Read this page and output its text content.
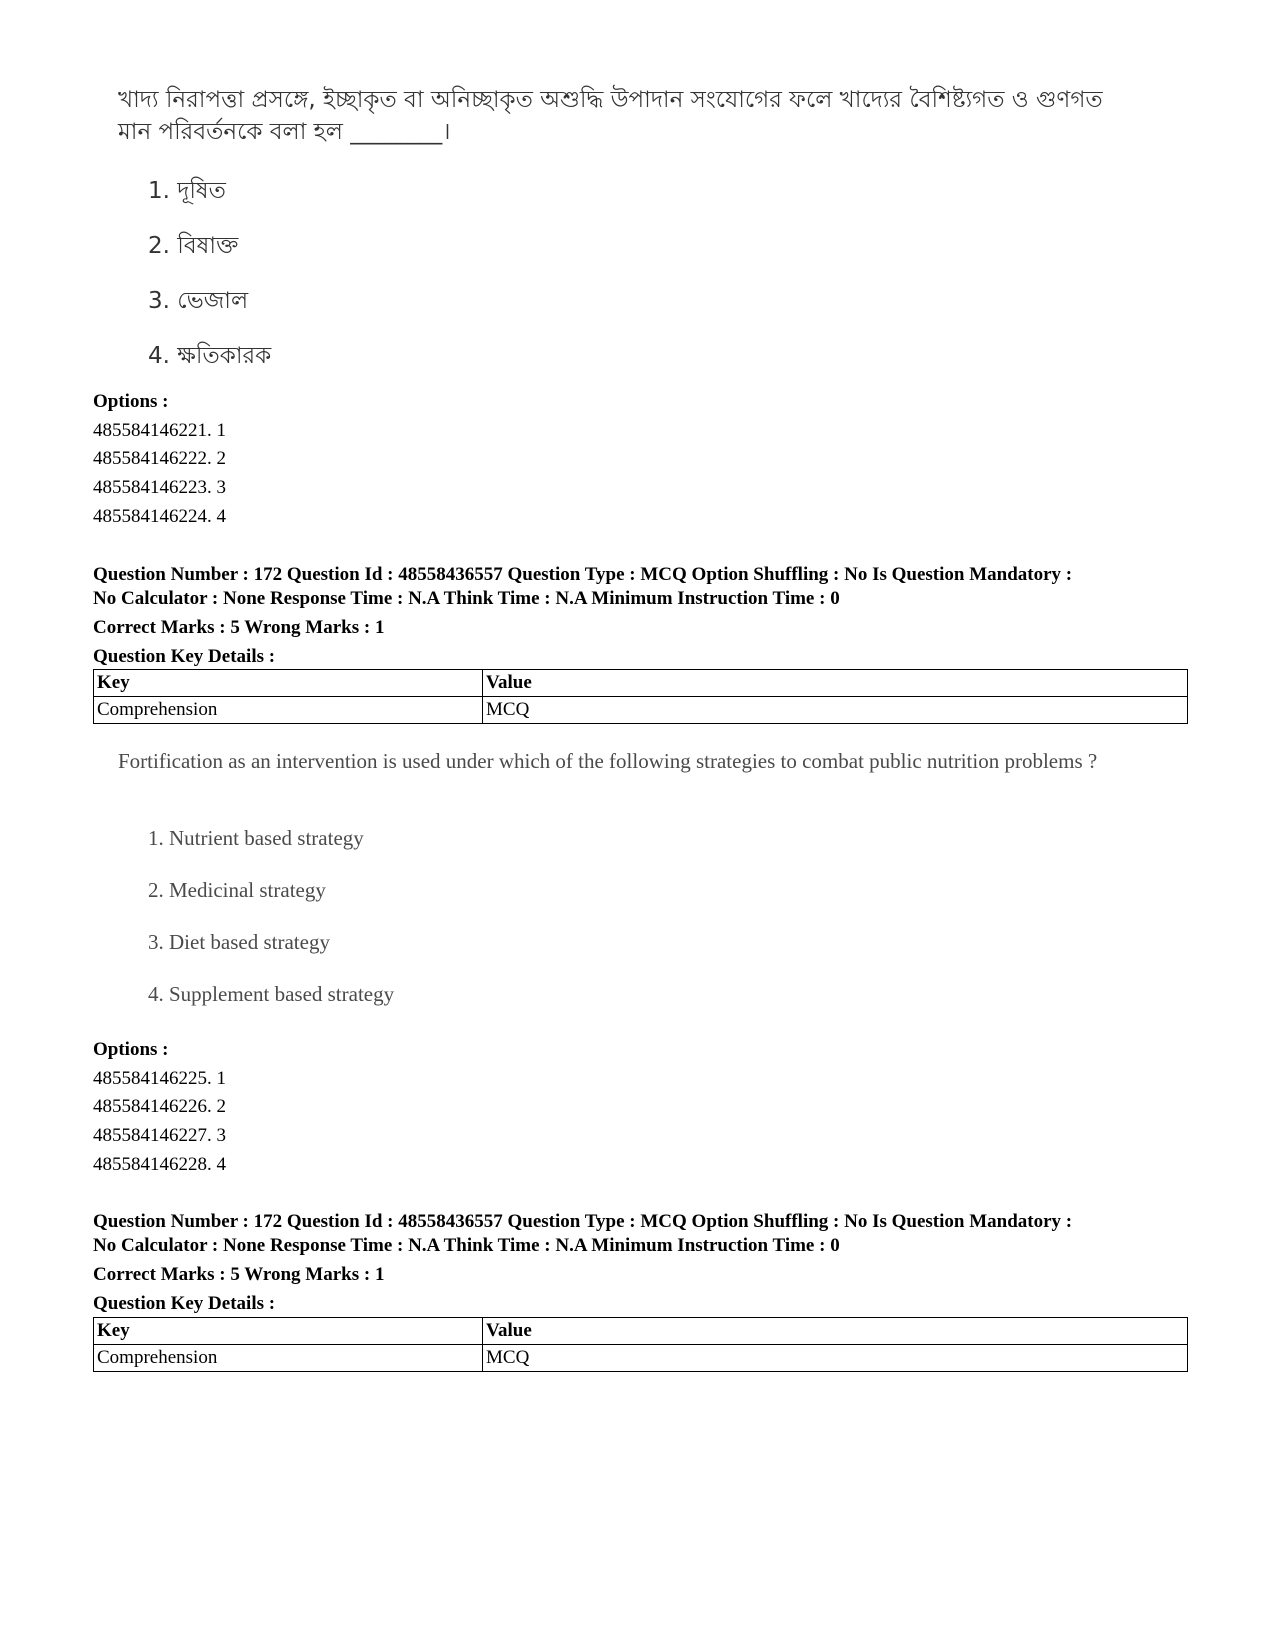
খাদ্য নিরাপত্তা প্রসঙ্গে, ইচ্ছাকৃত বা অনিচ্ছাকৃত অশুদ্ধি উপাদান সংযোগের ফলে খাদ্যের বৈশিষ্ট্যগত ও গুণগত মান পরিবর্তনকে বলা হল ________।

1. দূষিত

2. বিষাক্ত

3. ভেজাল

4. ক্ষতিকারক

Options :
485584146221. 1
485584146222. 2
485584146223. 3
485584146224. 4

Question Number : 172 Question Id : 48558436557 Question Type : MCQ Option Shuffling : No Is Question Mandatory :

No Calculator : None Response Time : N.A Think Time : N.A Minimum Instruction Time : 0

Correct Marks : 5 Wrong Marks : 1

Question Key Details :

Key	Value
Comprehension	MCQ

Fortification as an intervention is used under which of the following strategies to combat public nutrition problems ?

1. Nutrient based strategy

2. Medicinal strategy

3. Diet based strategy

4. Supplement based strategy

Options :
485584146225. 1
485584146226. 2
485584146227. 3
485584146228. 4

Question Number : 172 Question Id : 48558436557 Question Type : MCQ Option Shuffling : No Is Question Mandatory :

No Calculator : None Response Time : N.A Think Time : N.A Minimum Instruction Time : 0

Correct Marks : 5 Wrong Marks : 1

Question Key Details :

Key	Value
Comprehension	MCQ
